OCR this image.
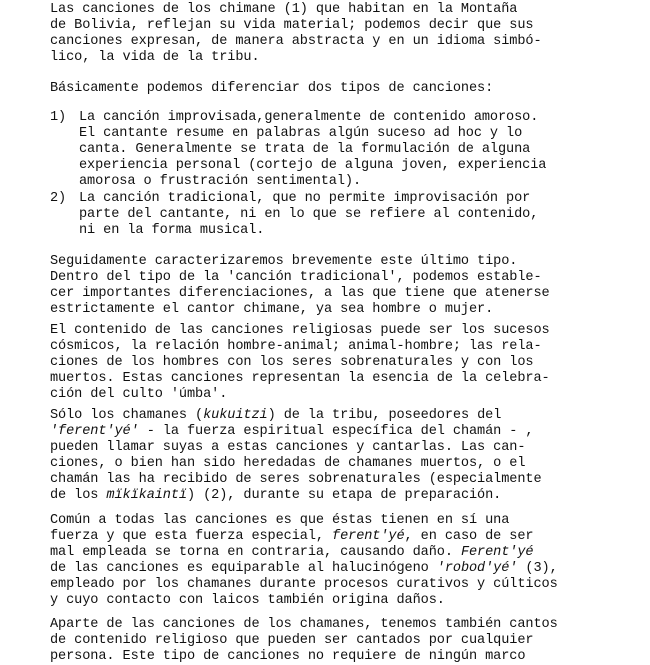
Las canciones de los chimane (1) que habitan en la Montaña
de Bolivia, reflejan su vida material; podemos decir que sus
canciones expresan, de manera abstracta y en un idioma simbó-
lico, la vida de la tribu.
Básicamente podemos diferenciar dos tipos de canciones:
1) La canción improvisada,generalmente de contenido amoroso.
El cantante resume en palabras algún suceso ad hoc y lo
canta. Generalmente se trata de la formulación de alguna
experiencia personal (cortejo de alguna joven, experiencia
amorosa o frustración sentimental).
2) La canción tradicional, que no permite improvisación por
parte del cantante, ni en lo que se refiere al contenido,
ni en la forma musical.
Seguidamente caracterizaremos brevemente este último tipo.
Dentro del tipo de la 'canción tradicional', podemos estable-
cer importantes diferenciaciones, a las que tiene que atenerse
estrictamente el cantor chimane, ya sea hombre o mujer.
El contenido de las canciones religiosas puede ser los sucesos
cósmicos, la relación hombre-animal; animal-hombre; las rela-
ciones de los hombres con los seres sobrenaturales y con los
muertos. Estas canciones representan la esencia de la celebra-
ción del culto 'úmba'.
Sólo los chamanes (kukuitzi) de la tribu, poseedores del
'ferent'yé' - la fuerza espiritual específica del chamán - ,
pueden llamar suyas a estas canciones y cantarlas. Las can-
ciones, o bien han sido heredadas de chamanes muertos, o el
chamán las ha recibido de seres sobrenaturales (especialmente
de los mïkïkaintï) (2), durante su etapa de preparación.
Común a todas las canciones es que éstas tienen en sí una
fuerza y que esta fuerza especial, ferent'yé, en caso de ser
mal empleada se torna en contraria, causando daño. Ferent'yé
de las canciones es equiparable al halucinógeno 'robod'yé' (3),
empleado por los chamanes durante procesos curativos y cúlticos
y cuyo contacto con laicos también origina daños.
Aparte de las canciones de los chamanes, tenemos también cantos
de contenido religioso que pueden ser cantados por cualquier
persona. Este tipo de canciones no requiere de ningún marco
